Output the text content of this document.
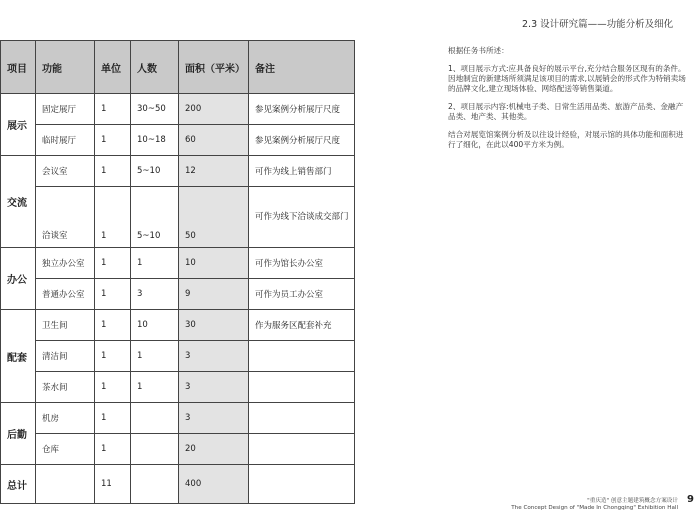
2.3 设计研究篇——功能分析及细化
项目	功能	单位	人数	面积（平米）	备注
展示	固定展厅	1	30~50	200	参见案例分析展厅尺度
	临时展厅	1	10~18	60	参见案例分析展厅尺度
交流	会议室	1	5~10	12	可作为线上销售部门
	洽谈室	1	5~10	50	可作为线下洽谈成交部门
办公	独立办公室	1	1	10	可作为馆长办公室
	普通办公室	1	3	9	可作为员工办公室
配套	卫生间	1	10	30	作为服务区配套补充
	清洁间	1	1	3	
	茶水间	1	1	3	
后勤	机房	1		3	
	仓库	1		20	
总计		11		400	

根据任务书所述：

1、项目展示方式:应具备良好的展示平台,充分结合服务区现有的条件。因地制宜的新建场所须满足该项目的需求,以展销会的形式作为特销卖场的品牌文化,建立现场体验、网络配送等销售渠道。

2、项目展示内容:机械电子类、日常生活用品类、旅游产品类、金融产品类、地产类、其他类。

结合对展览馆案例分析及以往设计经验，对展示馆的具体功能和面积进行了细化，在此以400平方米为例。

"重庆造" 创意主题建筑概念方案设计
The Concept Design of "Made In Chongqing" Exhibition Hall
9
